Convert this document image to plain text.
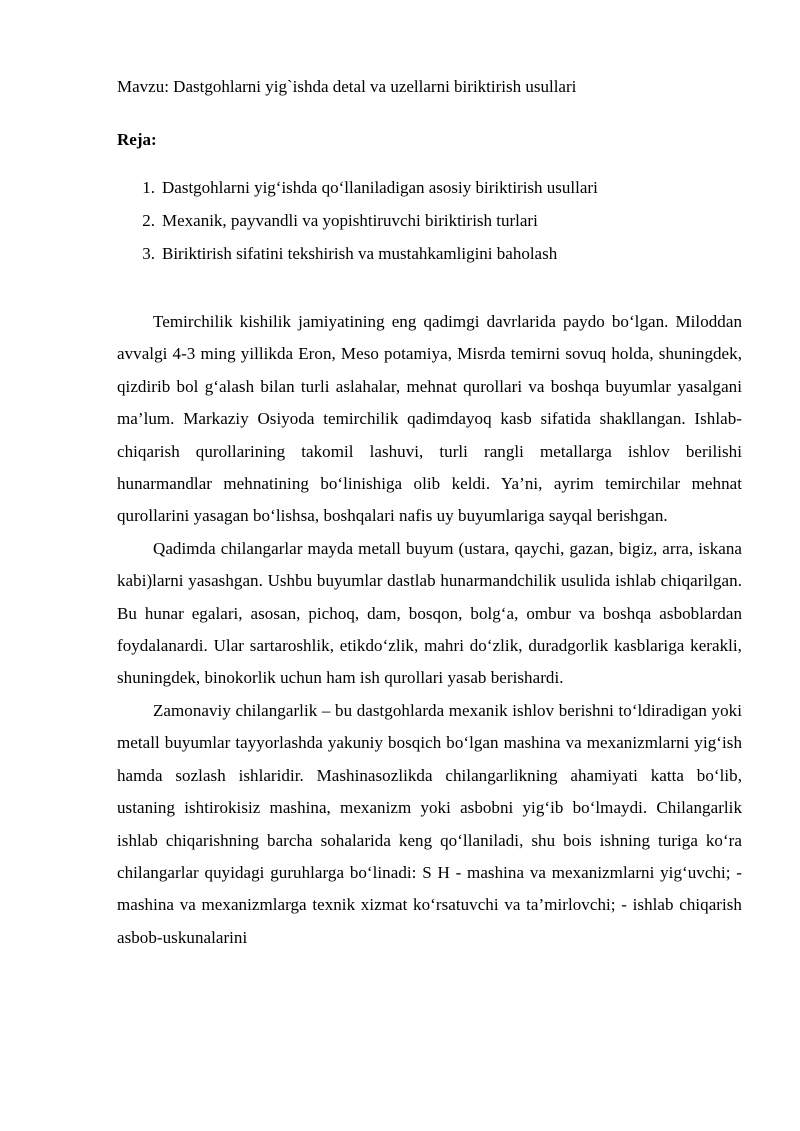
Mavzu: Dastgohlarni yig`ishda detal va uzellarni biriktirish usullari
Reja:
1. Dastgohlarni yig‘ishda qo‘llaniladigan asosiy biriktirish usullari
2. Mexanik, payvandli va yopishtiruvchi biriktirish turlari
3. Biriktirish sifatini tekshirish va mustahkamligini baholash

Temirchilik kishilik jamiyatining eng qadimgi davrlarida paydo bo‘lgan. Miloddan avvalgi 4-3 ming yillikda Eron, Meso potamiya, Misrda temirni sovuq holda, shuningdek, qizdirib bol g‘alash bilan turli aslahalar, mehnat qurollari va boshqa buyumlar yasalgani ma’lum. Markaziy Osiyoda temirchilik qadimdayoq kasb sifatida shakllangan. Ishlab-chiqarish qurollarining takomil lashuvi, turli rangli metallarga ishlov berilishi hunarmandlar mehnatining bo‘linishiga olib keldi. Ya’ni, ayrim temirchilar mehnat qurollarini yasagan bo‘lishsa, boshqalari nafis uy buyumlariga sayqal berishgan.

Qadimda chilangarlar mayda metall buyum (ustara, qaychi, gazan, bigiz, arra, iskana kabi)larni yasashgan. Ushbu buyumlar dastlab hunarmandchilik usulida ishlab chiqarilgan. Bu hunar egalari, asosan, pichoq, dam, bosqon, bolg‘a, ombur va boshqa asboblardan foydalanardi. Ular sartaroshlik, etikdo‘zlik, mahri do‘zlik, duradgorlik kasblariga kerakli, shuningdek, binokorlik uchun ham ish qurollari yasab berishardi.

Zamonaviy chilangarlik – bu dastgohlarda mexanik ishlov berishni to‘ldiradigan yoki metall buyumlar tayyorlashda yakuniy bosqich bo‘lgan mashina va mexanizmlarni yig‘ish hamda sozlash ishlaridir. Mashinasozlikda chilangarlikning ahamiyati katta bo‘lib, ustaning ishtirokisiz mashina, mexanizm yoki asbobni yig‘ib bo‘lmaydi. Chilangarlik ishlab chiqarishning barcha sohalarida keng qo‘llaniladi, shu bois ishning turiga ko‘ra chilangarlar quyidagi guruhlarga bo‘linadi: S H - mashina va mexanizmlarni yig‘uvchi; - mashina va mexanizmlarga texnik xizmat ko‘rsatuvchi va ta’mirlovchi; - ishlab chiqarish asbob-uskunalarini
